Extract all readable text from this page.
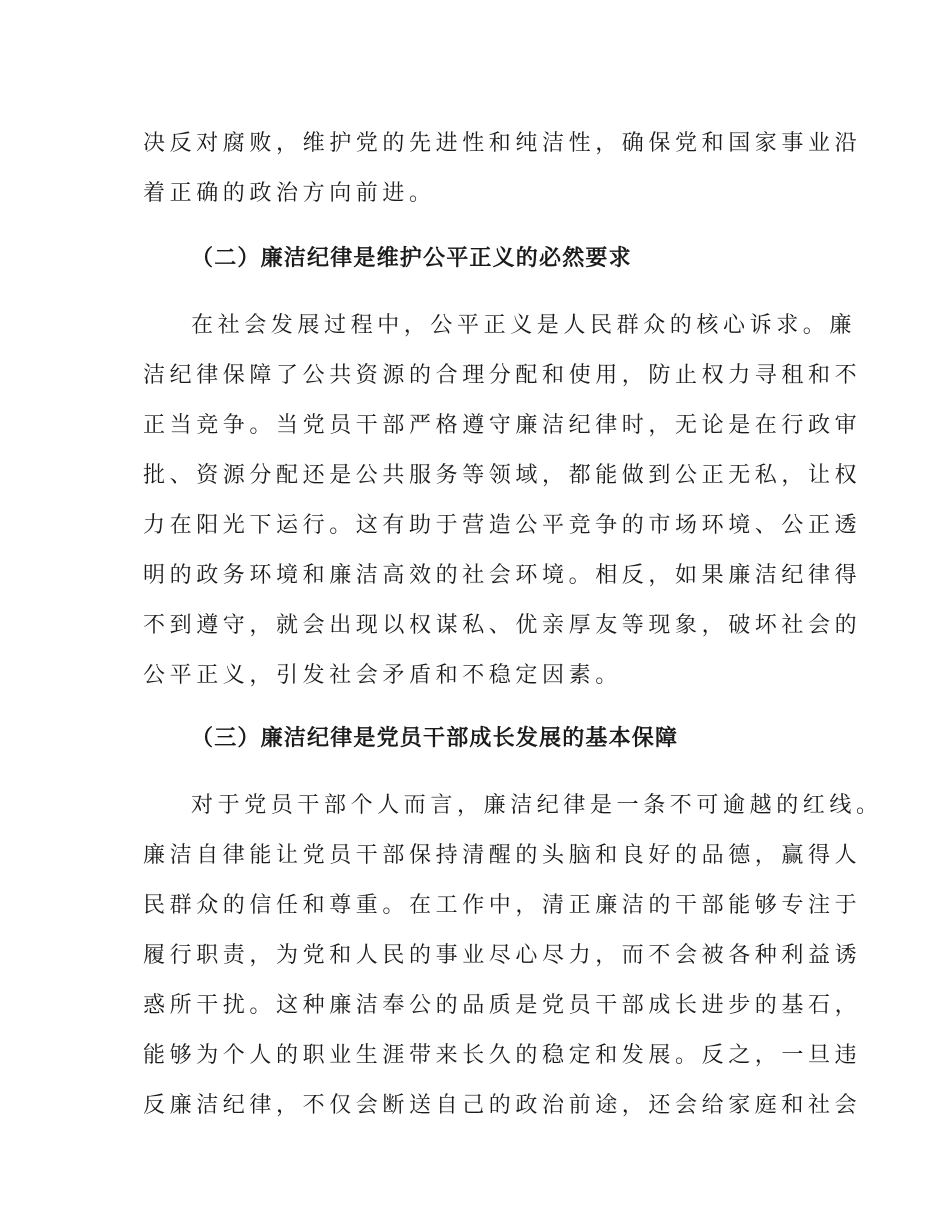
决反对腐败，维护党的先进性和纯洁性，确保党和国家事业沿
着正确的政治方向前进。
（二）廉洁纪律是维护公平正义的必然要求
在社会发展过程中，公平正义是人民群众的核心诉求。廉
洁纪律保障了公共资源的合理分配和使用，防止权力寻租和不
正当竞争。当党员干部严格遵守廉洁纪律时，无论是在行政审
批、资源分配还是公共服务等领域，都能做到公正无私，让权
力在阳光下运行。这有助于营造公平竞争的市场环境、公正透
明的政务环境和廉洁高效的社会环境。相反，如果廉洁纪律得
不到遵守，就会出现以权谋私、优亲厚友等现象，破坏社会的
公平正义，引发社会矛盾和不稳定因素。
（三）廉洁纪律是党员干部成长发展的基本保障
对于党员干部个人而言，廉洁纪律是一条不可逾越的红线。
廉洁自律能让党员干部保持清醒的头脑和良好的品德，赢得人
民群众的信任和尊重。在工作中，清正廉洁的干部能够专注于
履行职责，为党和人民的事业尽心尽力，而不会被各种利益诱
惑所干扰。这种廉洁奉公的品质是党员干部成长进步的基石，
能够为个人的职业生涯带来长久的稳定和发展。反之，一旦违
反廉洁纪律，不仅会断送自己的政治前途，还会给家庭和社会
